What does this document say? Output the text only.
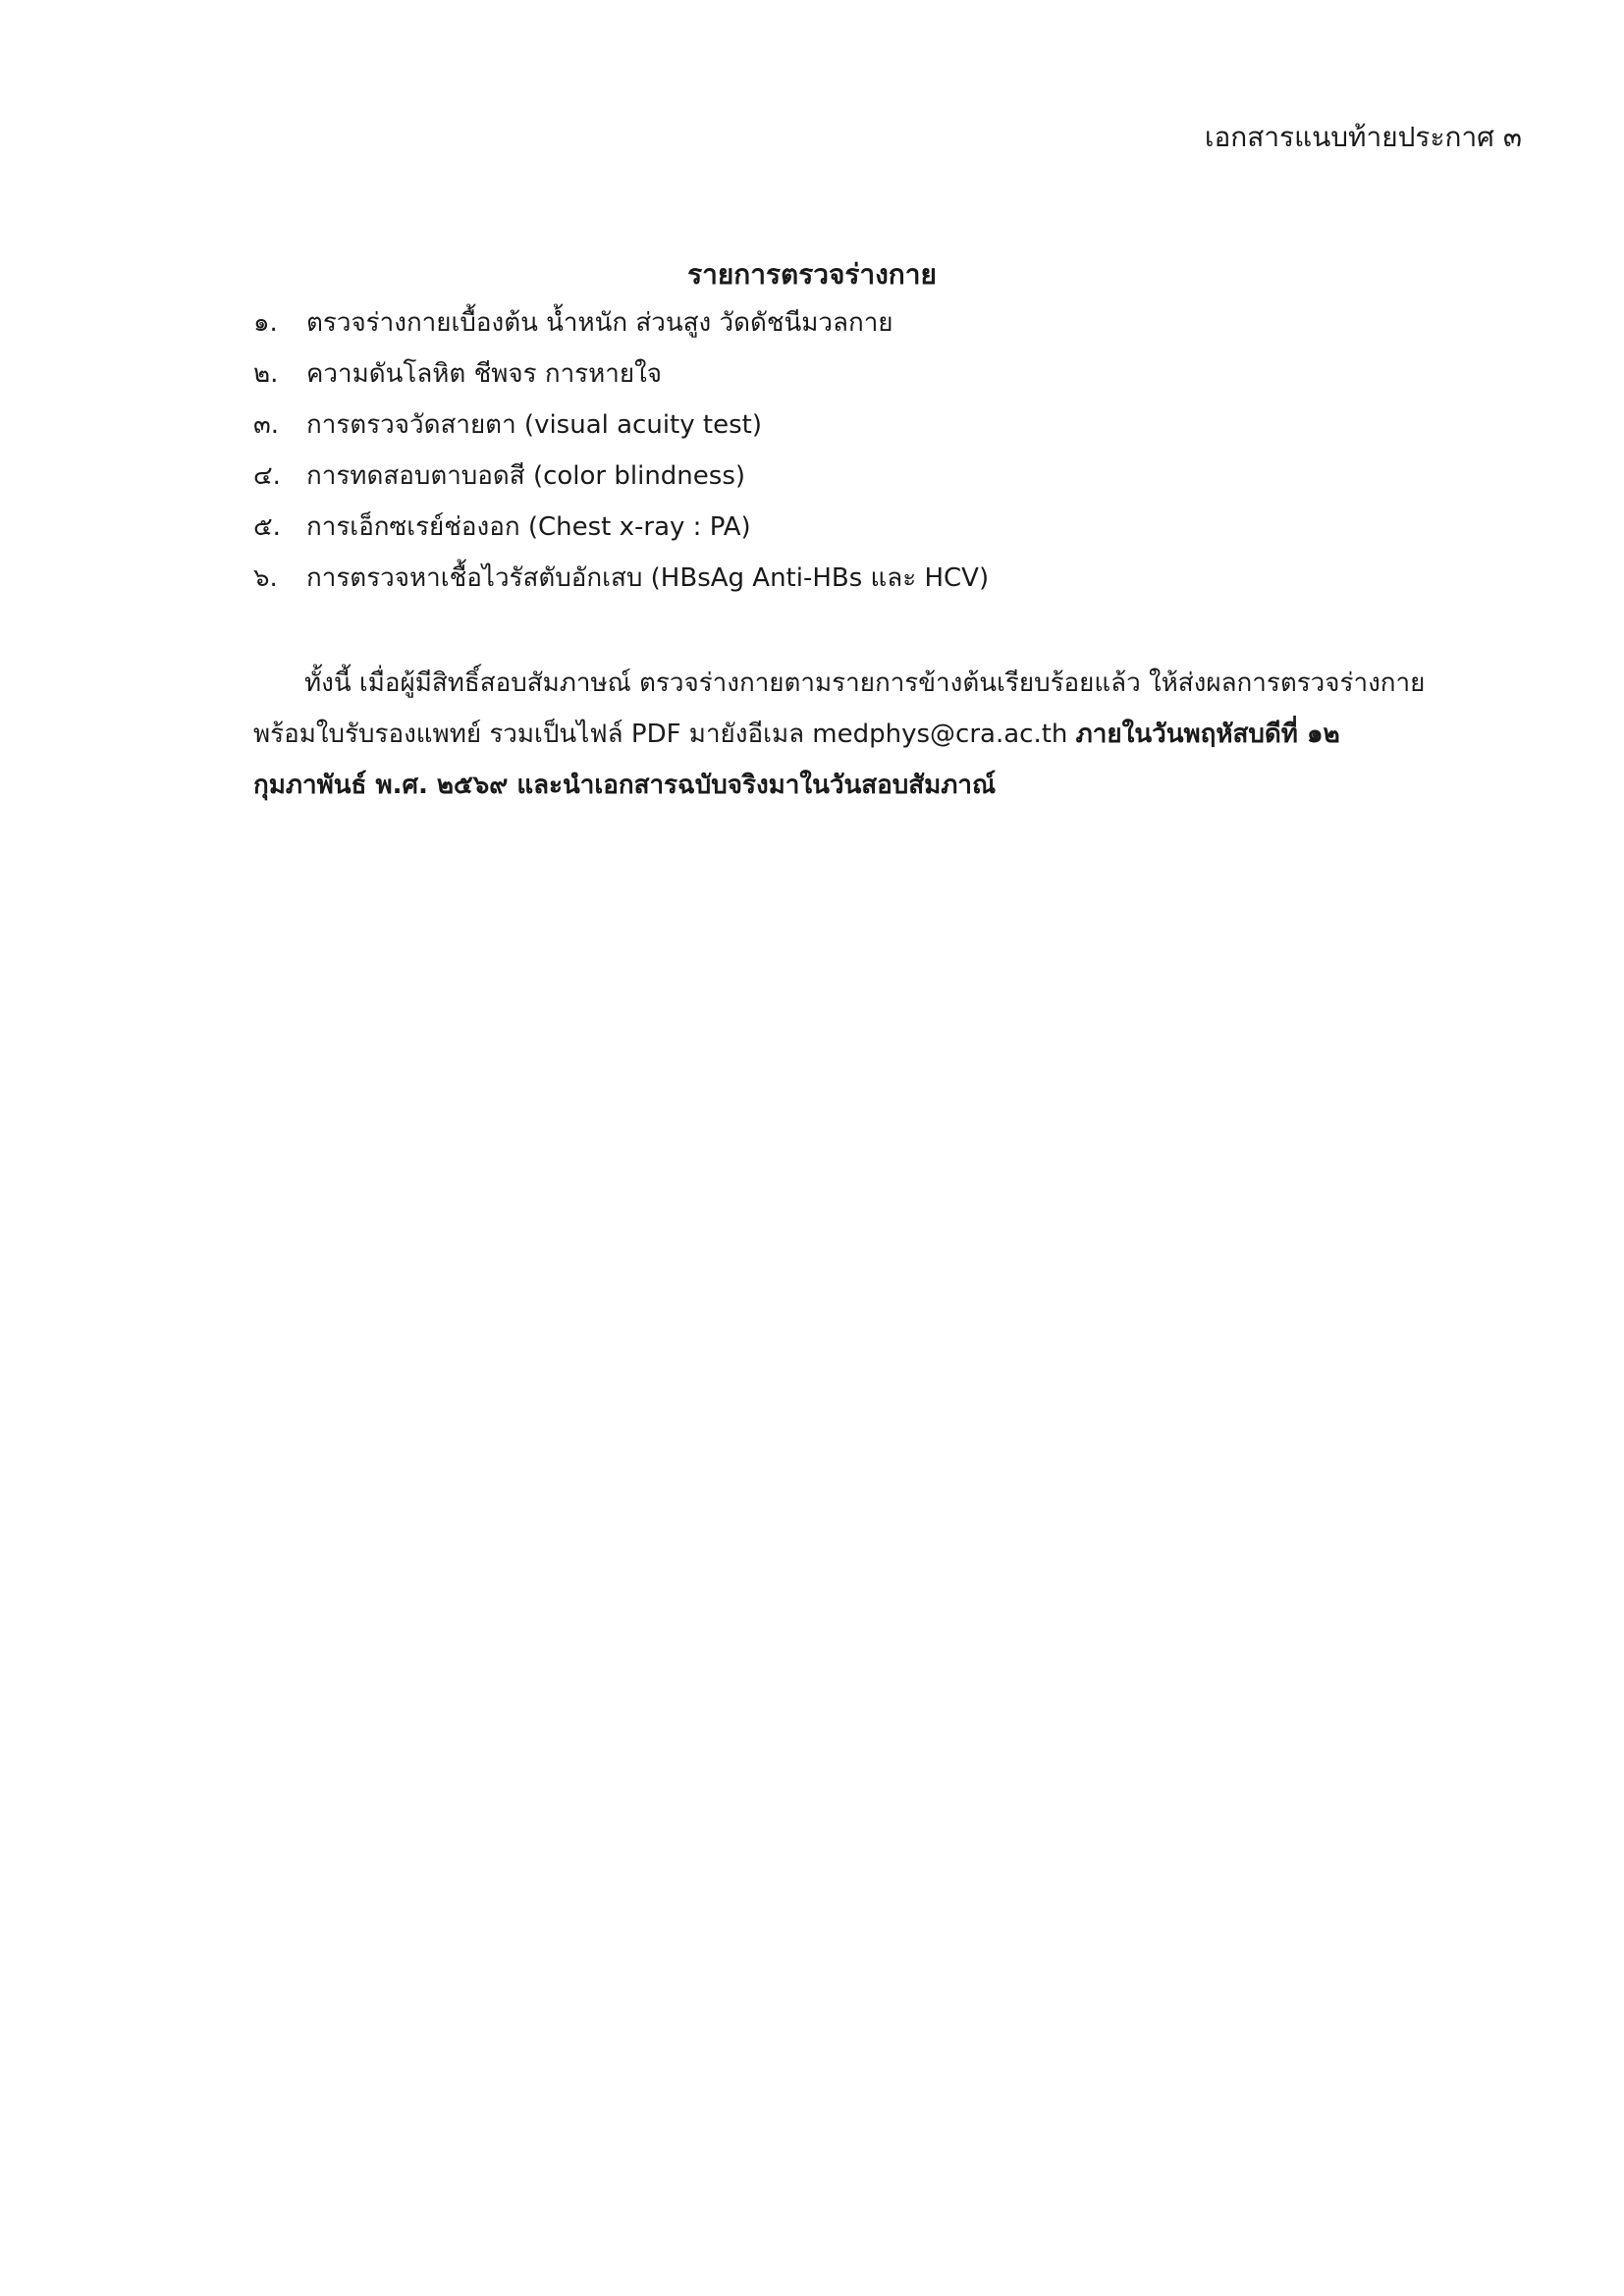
เอกสารแนบท้ายประกาศ ๓
รายการตรวจร่างกาย
๑.	ตรวจร่างกายเบื้องต้น น้ำหนัก ส่วนสูง วัดดัชนีมวลกาย
๒.	ความดันโลหิต ชีพจร การหายใจ
๓.	การตรวจวัดสายตา (visual acuity test)
๔.	การทดสอบตาบอดสี (color blindness)
๕.	การเอ็กซเรย์ช่องอก (Chest x-ray : PA)
๖.	การตรวจหาเชื้อไวรัสตับอักเสบ (HBsAg Anti-HBs และ HCV)

ทั้งนี้ เมื่อผู้มีสิทธิ์สอบสัมภาษณ์ ตรวจร่างกายตามรายการข้างต้นเรียบร้อยแล้ว ให้ส่งผลการตรวจร่างกาย

พร้อมใบรับรองแพทย์ รวมเป็นไฟล์ PDF มายังอีเมล medphys@cra.ac.th ภายในวันพฤหัสบดีที่ ๑๒

กุมภาพันธ์ พ.ศ. ๒๕๖๙ และนำเอกสารฉบับจริงมาในวันสอบสัมภาณ์
